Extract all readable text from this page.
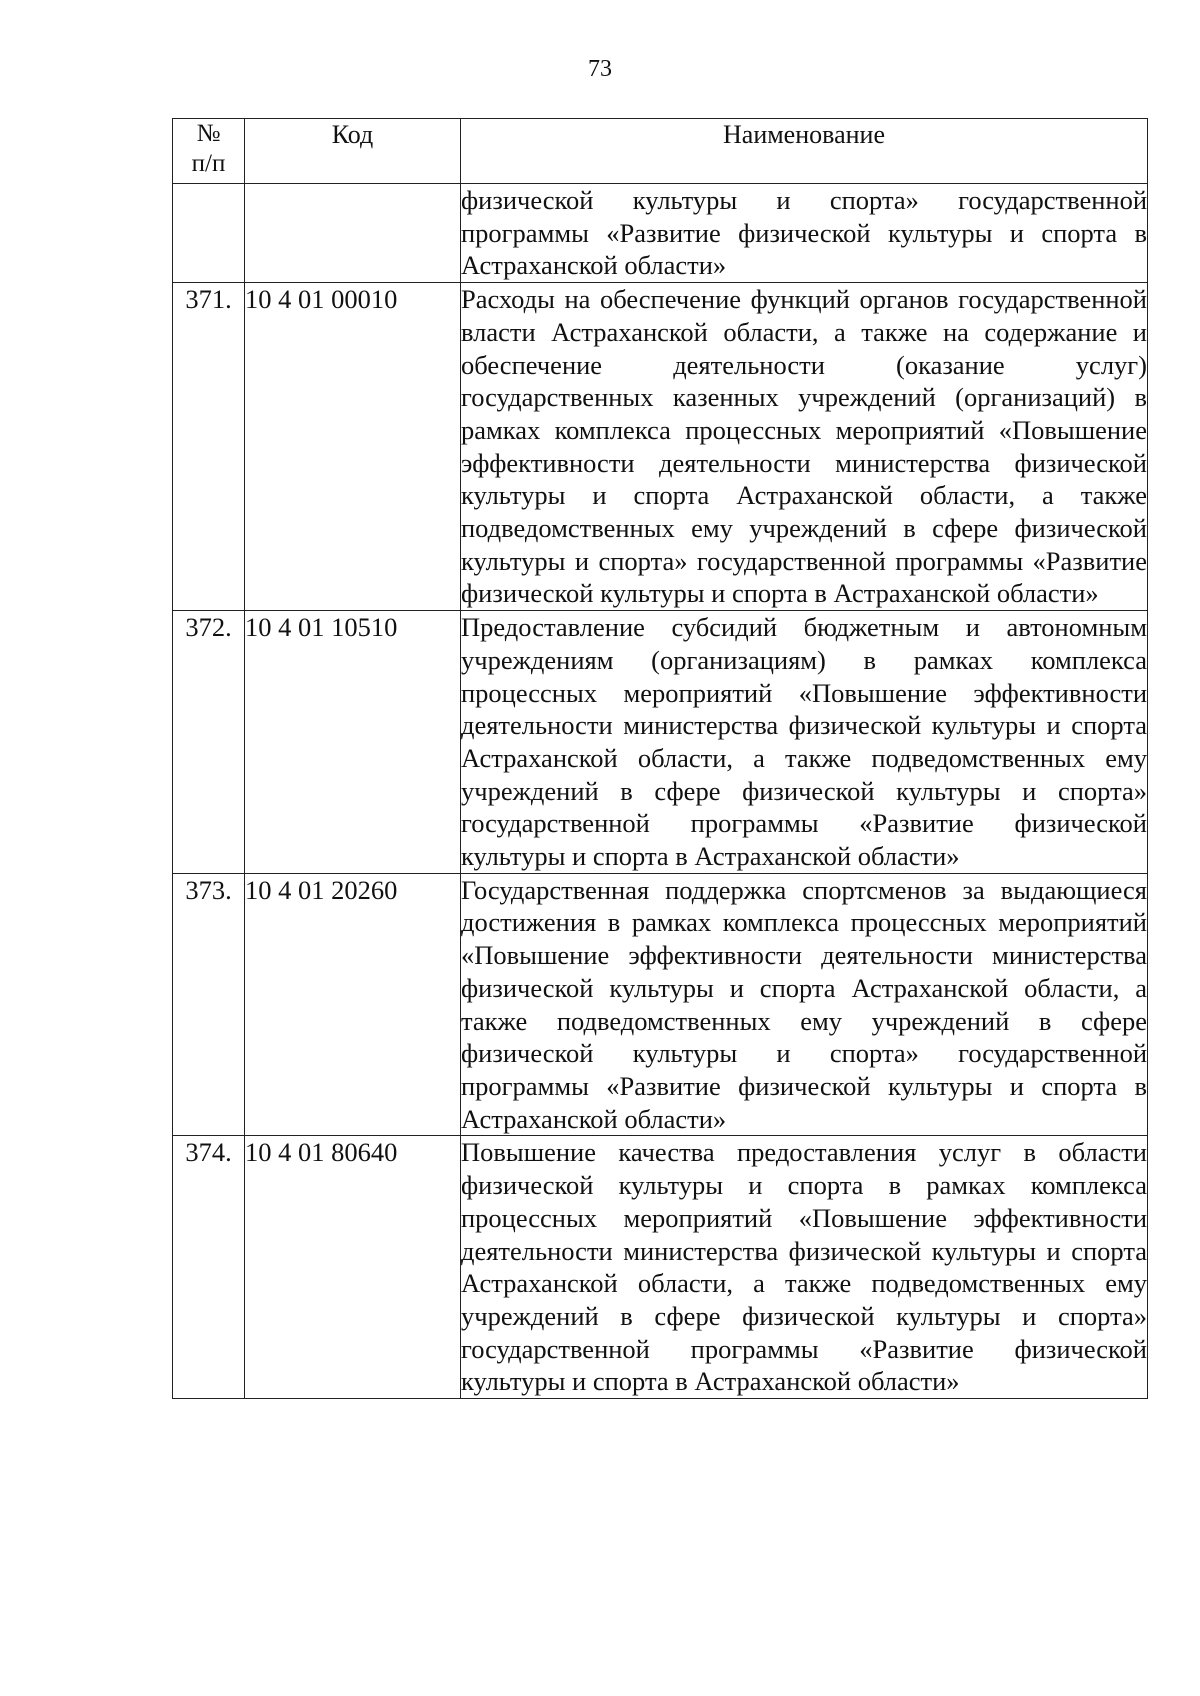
73
№
п/п	Код	Наименование
		физической культуры и спорта» государственной программы «Развитие физической культуры и спорта в Астраханской области»
371.	10 4 01 00010	Расходы на обеспечение функций органов государственной власти Астраханской области, а также на содержание и обеспечение деятельности (оказание услуг) государственных казенных учреждений (организаций) в рамках комплекса процессных мероприятий «Повышение эффективности деятельности министерства физической культуры и спорта Астраханской области, а также подведомственных ему учреждений в сфере физической культуры и спорта» государственной программы «Развитие физической культуры и спорта в Астраханской области»
372.	10 4 01 10510	Предоставление субсидий бюджетным и автономным учреждениям (организациям) в рамках комплекса процессных мероприятий «Повышение эффективности деятельности министерства физической культуры и спорта Астраханской области, а также подведомственных ему учреждений в сфере физической культуры и спорта» государственной программы «Развитие физической культуры и спорта в Астраханской области»
373.	10 4 01 20260	Государственная поддержка спортсменов за выдающиеся достижения в рамках комплекса процессных мероприятий «Повышение эффективности деятельности министерства физической культуры и спорта Астраханской области, а также подведомственных ему учреждений в сфере физической культуры и спорта» государственной программы «Развитие физической культуры и спорта в Астраханской области»
374.	10 4 01 80640	Повышение качества предоставления услуг в области физической культуры и спорта в рамках комплекса процессных мероприятий «Повышение эффективности деятельности министерства физической культуры и спорта Астраханской области, а также подведомственных ему учреждений в сфере физической культуры и спорта» государственной программы «Развитие физической культуры и спорта в Астраханской области»
